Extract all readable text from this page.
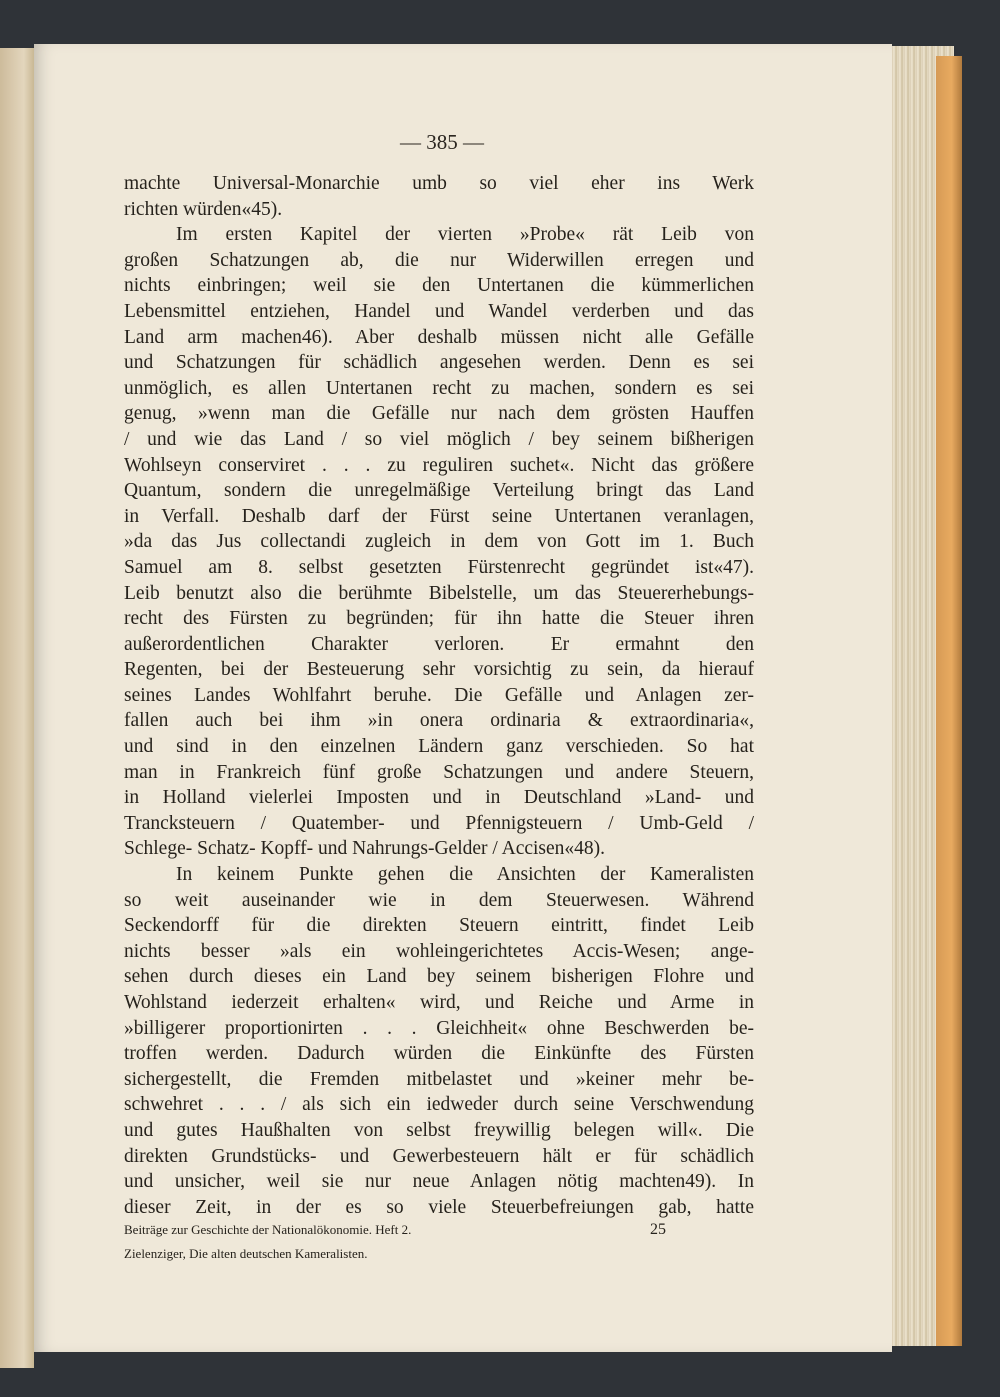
— 385 —
machte Universal-Monarchie umb so viel eher ins Werk
richten würden«45).
Im ersten Kapitel der vierten »Probe« rät Leib von
großen Schatzungen ab, die nur Widerwillen erregen und
nichts einbringen; weil sie den Untertanen die kümmerlichen
Lebensmittel entziehen, Handel und Wandel verderben und das
Land arm machen46). Aber deshalb müssen nicht alle Gefälle
und Schatzungen für schädlich angesehen werden. Denn es sei
unmöglich, es allen Untertanen recht zu machen, sondern es sei
genug, »wenn man die Gefälle nur nach dem grösten Hauffen
/ und wie das Land / so viel möglich / bey seinem bißherigen
Wohlseyn conserviret . . . zu reguliren suchet«. Nicht das größere
Quantum, sondern die unregelmäßige Verteilung bringt das Land
in Verfall. Deshalb darf der Fürst seine Untertanen veranlagen,
»da das Jus collectandi zugleich in dem von Gott im 1. Buch
Samuel am 8. selbst gesetzten Fürstenrecht gegründet ist«47).
Leib benutzt also die berühmte Bibelstelle, um das Steuererhebungs-
recht des Fürsten zu begründen; für ihn hatte die Steuer ihren
außerordentlichen Charakter verloren. Er ermahnt den
Regenten, bei der Besteuerung sehr vorsichtig zu sein, da hierauf
seines Landes Wohlfahrt beruhe. Die Gefälle und Anlagen zer-
fallen auch bei ihm »in onera ordinaria & extraordinaria«,
und sind in den einzelnen Ländern ganz verschieden. So hat
man in Frankreich fünf große Schatzungen und andere Steuern,
in Holland vielerlei Imposten und in Deutschland »Land- und
Trancksteuern / Quatember- und Pfennigsteuern / Umb-Geld /
Schlege- Schatz- Kopff- und Nahrungs-Gelder / Accisen«48).
In keinem Punkte gehen die Ansichten der Kameralisten
so weit auseinander wie in dem Steuerwesen. Während
Seckendorff für die direkten Steuern eintritt, findet Leib
nichts besser »als ein wohleingerichtetes Accis-Wesen; ange-
sehen durch dieses ein Land bey seinem bisherigen Flohre und
Wohlstand iederzeit erhalten« wird, und Reiche und Arme in
»billigerer proportionirten . . . Gleichheit« ohne Beschwerden be-
troffen werden. Dadurch würden die Einkünfte des Fürsten
sichergestellt, die Fremden mitbelastet und »keiner mehr be-
schwehret . . . / als sich ein iedweder durch seine Verschwendung
und gutes Haußhalten von selbst freywillig belegen will«. Die
direkten Grundstücks- und Gewerbesteuern hält er für schädlich
und unsicher, weil sie nur neue Anlagen nötig machten49). In
dieser Zeit, in der es so viele Steuerbefreiungen gab, hatte
Beiträge zur Geschichte der Nationalökonomie. Heft 2.	25
Zielenziger, Die alten deutschen Kameralisten.
